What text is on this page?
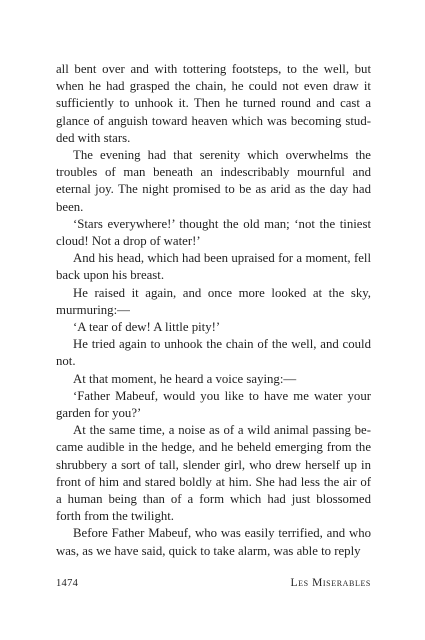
all bent over and with tottering footsteps, to the well, but when he had grasped the chain, he could not even draw it sufficiently to unhook it. Then he turned round and cast a glance of anguish toward heaven which was becoming studded with stars.

The evening had that serenity which overwhelms the troubles of man beneath an indescribably mournful and eternal joy. The night promised to be as arid as the day had been.

‘Stars everywhere!’ thought the old man; ‘not the tiniest cloud! Not a drop of water!’

And his head, which had been upraised for a moment, fell back upon his breast.

He raised it again, and once more looked at the sky, murmuring:—

‘A tear of dew! A little pity!’

He tried again to unhook the chain of the well, and could not.

At that moment, he heard a voice saying:—

‘Father Mabeuf, would you like to have me water your garden for you?’

At the same time, a noise as of a wild animal passing became audible in the hedge, and he beheld emerging from the shrubbery a sort of tall, slender girl, who drew herself up in front of him and stared boldly at him. She had less the air of a human being than of a form which had just blossomed forth from the twilight.

Before Father Mabeuf, who was easily terrified, and who was, as we have said, quick to take alarm, was able to reply

1474	Les Miserables
